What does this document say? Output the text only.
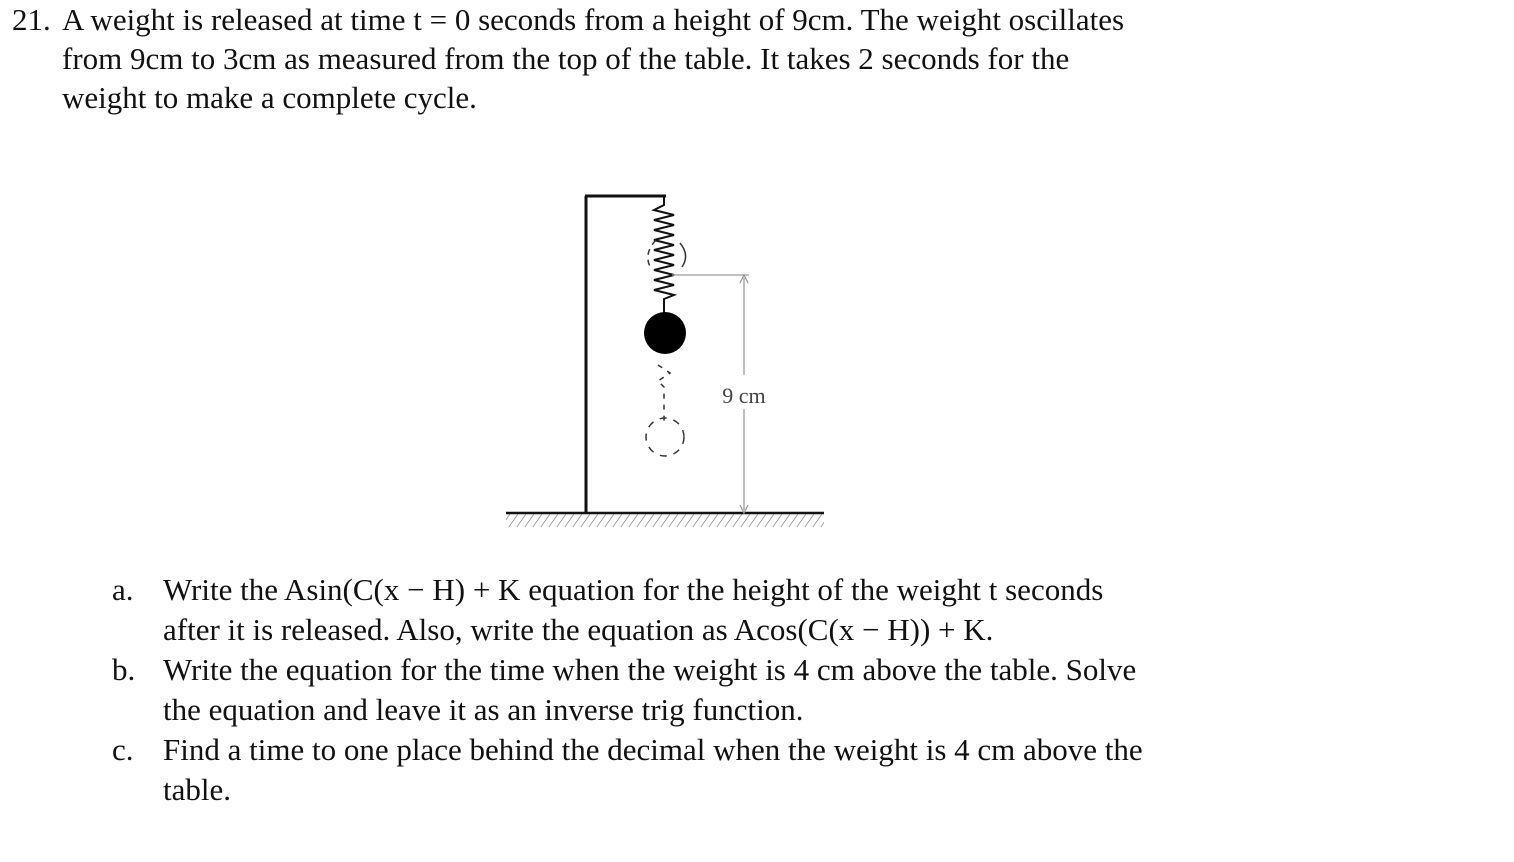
21. A weight is released at time t = 0 seconds from a height of 9cm. The weight oscillates
from 9cm to 3cm as measured from the top of the table. It takes 2 seconds for the
weight to make a complete cycle.
9 cm
a. Write the Asin(C(x − H) + K equation for the height of the weight t seconds
after it is released. Also, write the equation as Acos(C(x − H)) + K.
b. Write the equation for the time when the weight is 4 cm above the table. Solve
the equation and leave it as an inverse trig function.
c. Find a time to one place behind the decimal when the weight is 4 cm above the
table.
